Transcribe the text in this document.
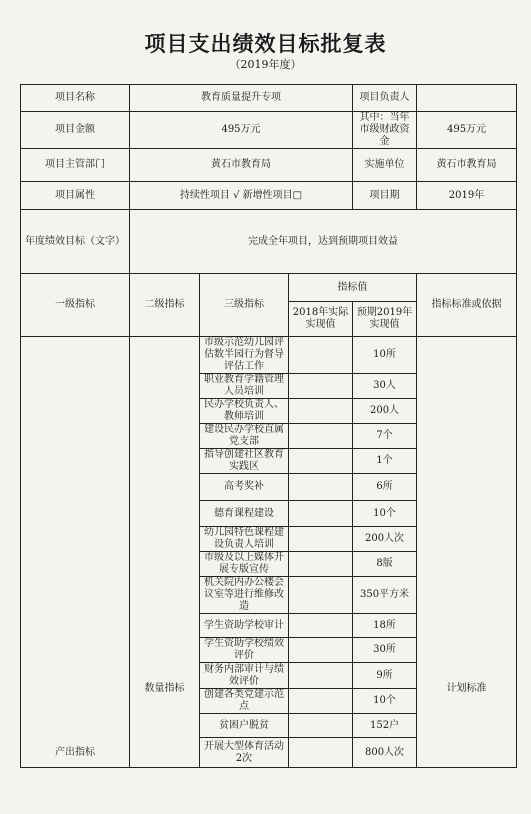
项目支出绩效目标批复表
（2019年度）
项目名称	教育质量提升专项			项目负责人	
项目金额	495万元			其中：当年市级财政资金	495万元
项目主管部门	黄石市教育局			实施单位	黄石市教育局
项目属性	持续性项目 √ 新增性项目□			项目期	2019年
年度绩效目标（文字）	完成全年项目，达到预期项目效益				
一级指标	二级指标	三级指标	指标值		指标标准或依据
			2018年实际实现值	预期2019年实现值	
产出指标	数量指标	市级示范幼儿园评估数半园行为督导评估工作		10所	计划标准
		职业教育学籍管理人员培训		30人	
		民办学校负责人、教师培训		200人	
		建设民办学校直属党支部		7个	
		指导创建社区教育实践区		1个	
		高考奖补		6所	
		德育课程建设		10个	
		幼儿园特色课程建设负责人培训		200人次	
		市级及以上媒体开展专版宣传		8版	
		机关院内办公楼会议室等进行维修改造		350平方米	
		学生资助学校审计		18所	
		学生资助学校绩效评价		30所	
		财务内部审计与绩效评价		9所	
		创建各类党建示范点		10个	
		贫困户脱贫		152户	
		开展大型体育活动2次		800人次	
